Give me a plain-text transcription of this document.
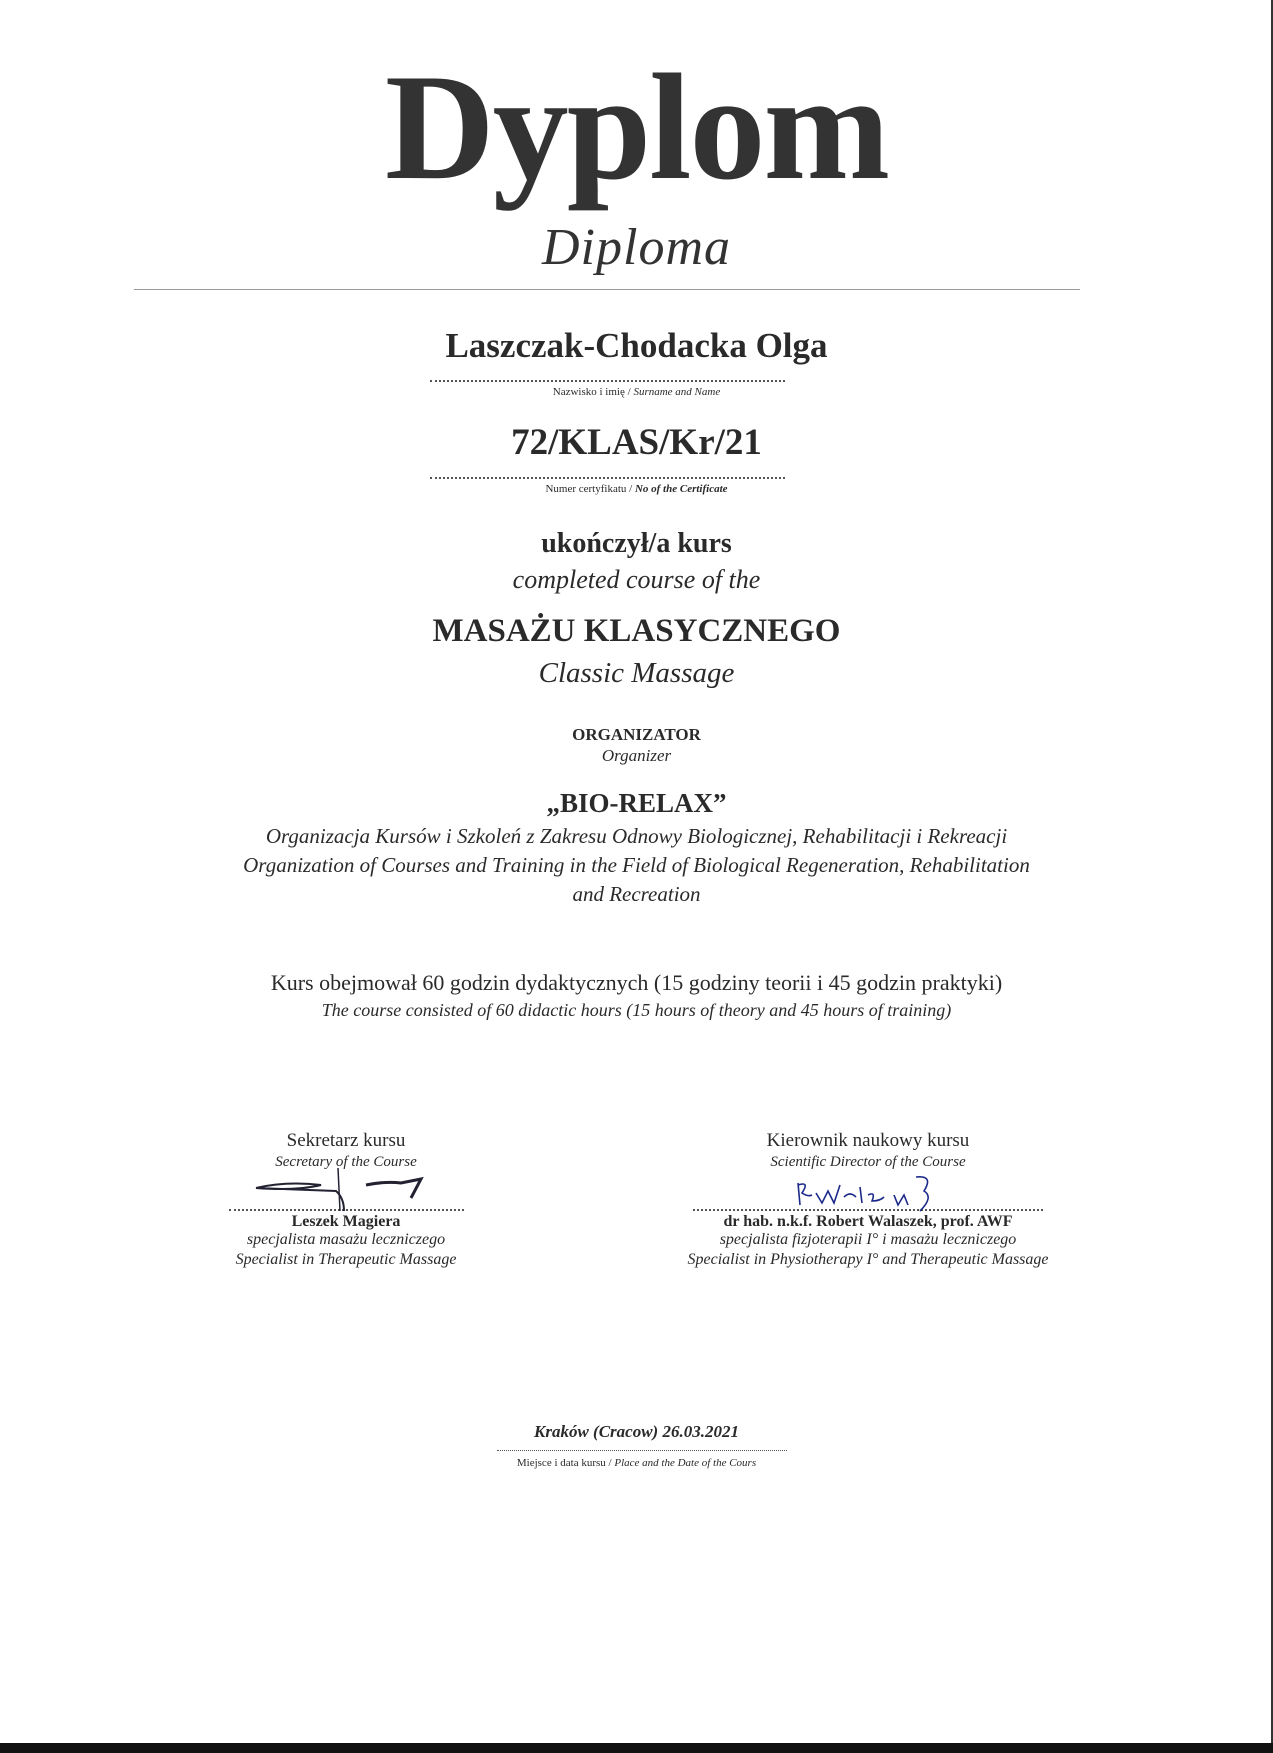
Dyplom
Diploma
Laszczak-Chodacka Olga
Nazwisko i imię / Surname and Name
72/KLAS/Kr/21
Numer certyfikatu / No of the Certificate
ukończył/a kurs
completed course of the
MASAŻU KLASYCZNEGO
Classic Massage
ORGANIZATOR
Organizer
„BIO-RELAX”
Organizacja Kursów i Szkoleń z Zakresu Odnowy Biologicznej, Rehabilitacji i Rekreacji
Organization of Courses and Training in the Field of Biological Regeneration, Rehabilitation
and Recreation
Kurs obejmował 60 godzin dydaktycznych (15 godziny teorii i 45 godzin praktyki)
The course consisted of 60 didactic hours (15 hours of theory and 45 hours of training)
Sekretarz kursu
Secretary of the Course
Leszek Magiera
specjalista masażu leczniczego
Specialist in Therapeutic Massage
Kierownik naukowy kursu
Scientific Director of the Course
dr hab. n.k.f. Robert Walaszek, prof. AWF
specjalista fizjoterapii I° i masażu leczniczego
Specialist in Physiotherapy I° and Therapeutic Massage
Kraków (Cracow) 26.03.2021
Miejsce i data kursu / Place and the Date of the Cours
